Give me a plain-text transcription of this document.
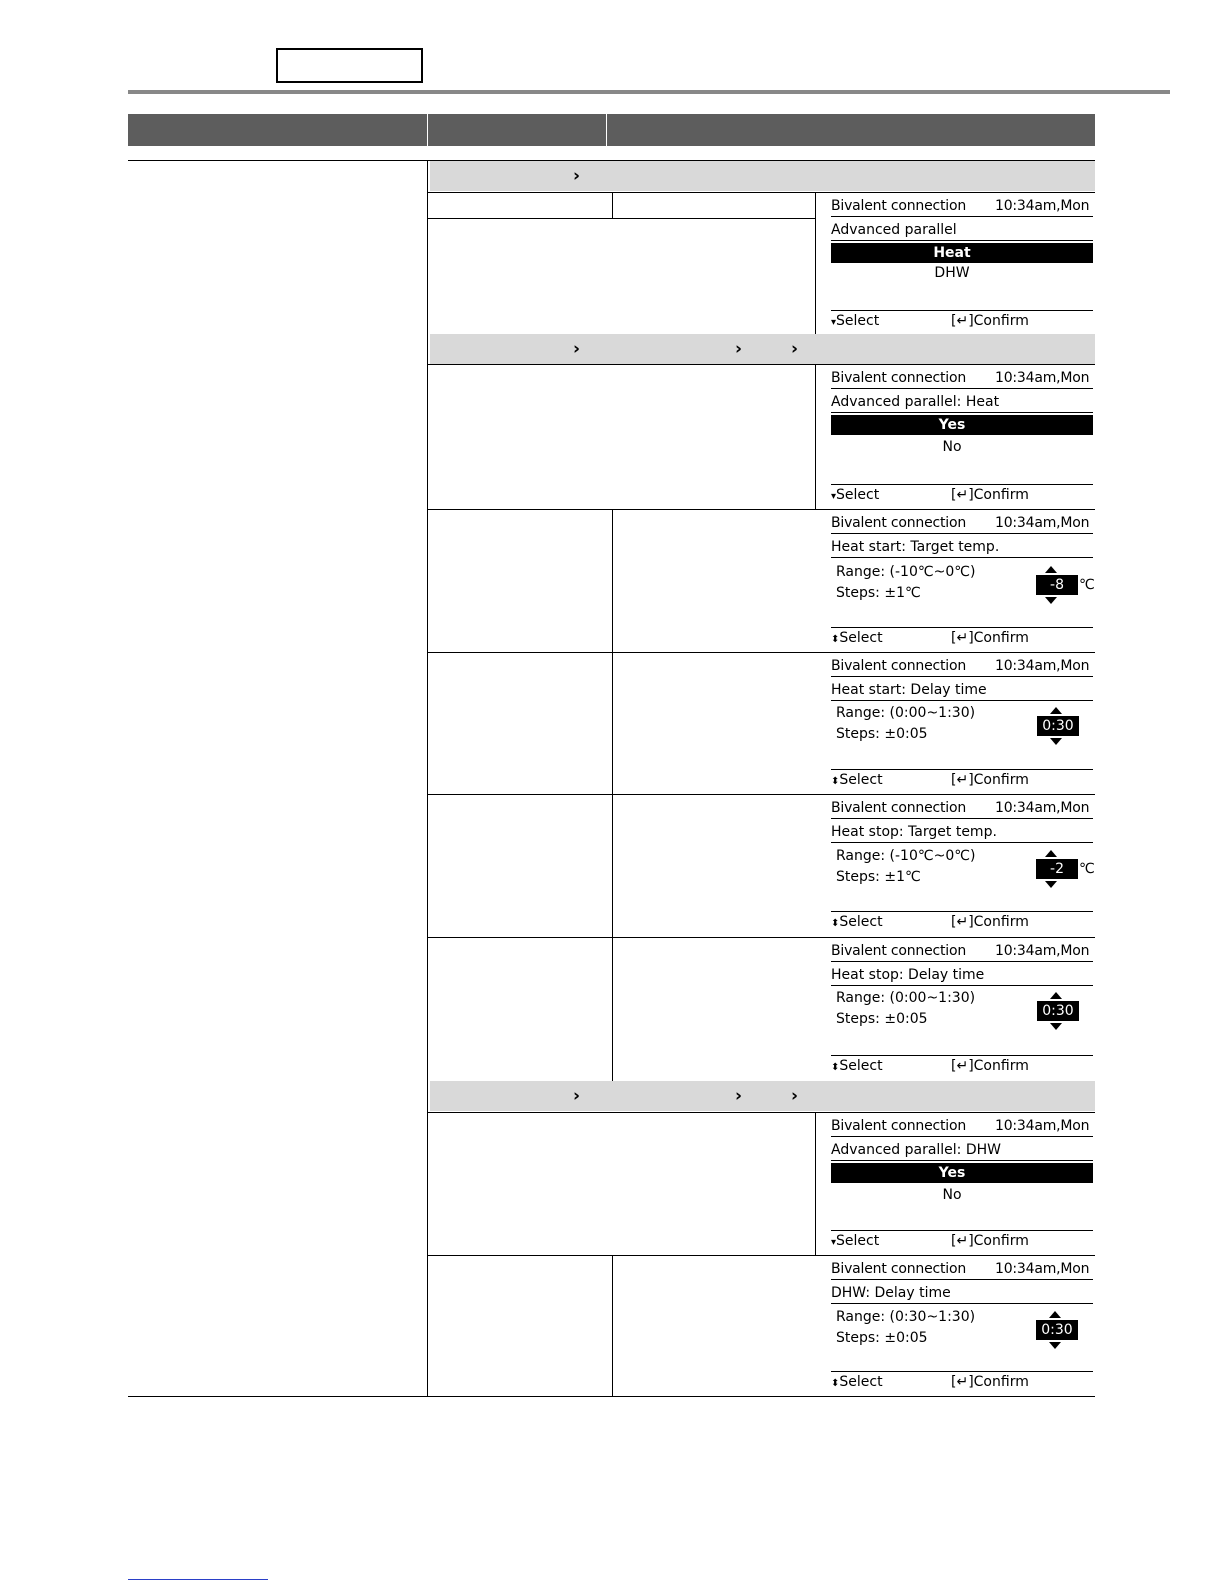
›
›	›	›
›	›	›
Bivalent connection 10:34am,Mon
Advanced parallel
Heat
DHW
▾Select	[↵]Confirm
Bivalent connection 10:34am,Mon
Advanced parallel: Heat
Yes
No
▾Select	[↵]Confirm
Bivalent connection 10:34am,Mon
Heat start: Target temp.
Range: (-10℃~0℃)
Steps: ±1℃	-8	℃
⬍Select	[↵]Confirm
Bivalent connection 10:34am,Mon
Heat start: Delay time
Range: (0:00~1:30)
Steps: ±0:05	0:30
⬍Select	[↵]Confirm
Bivalent connection 10:34am,Mon
Heat stop: Target temp.
Range: (-10℃~0℃)
Steps: ±1℃	-2	℃
⬍Select	[↵]Confirm
Bivalent connection 10:34am,Mon
Heat stop: Delay time
Range: (0:00~1:30)
Steps: ±0:05	0:30
⬍Select	[↵]Confirm
Bivalent connection 10:34am,Mon
Advanced parallel: DHW
Yes
No
▾Select	[↵]Confirm
Bivalent connection 10:34am,Mon
DHW: Delay time
Range: (0:30~1:30)
Steps: ±0:05	0:30
⬍Select	[↵]Confirm
